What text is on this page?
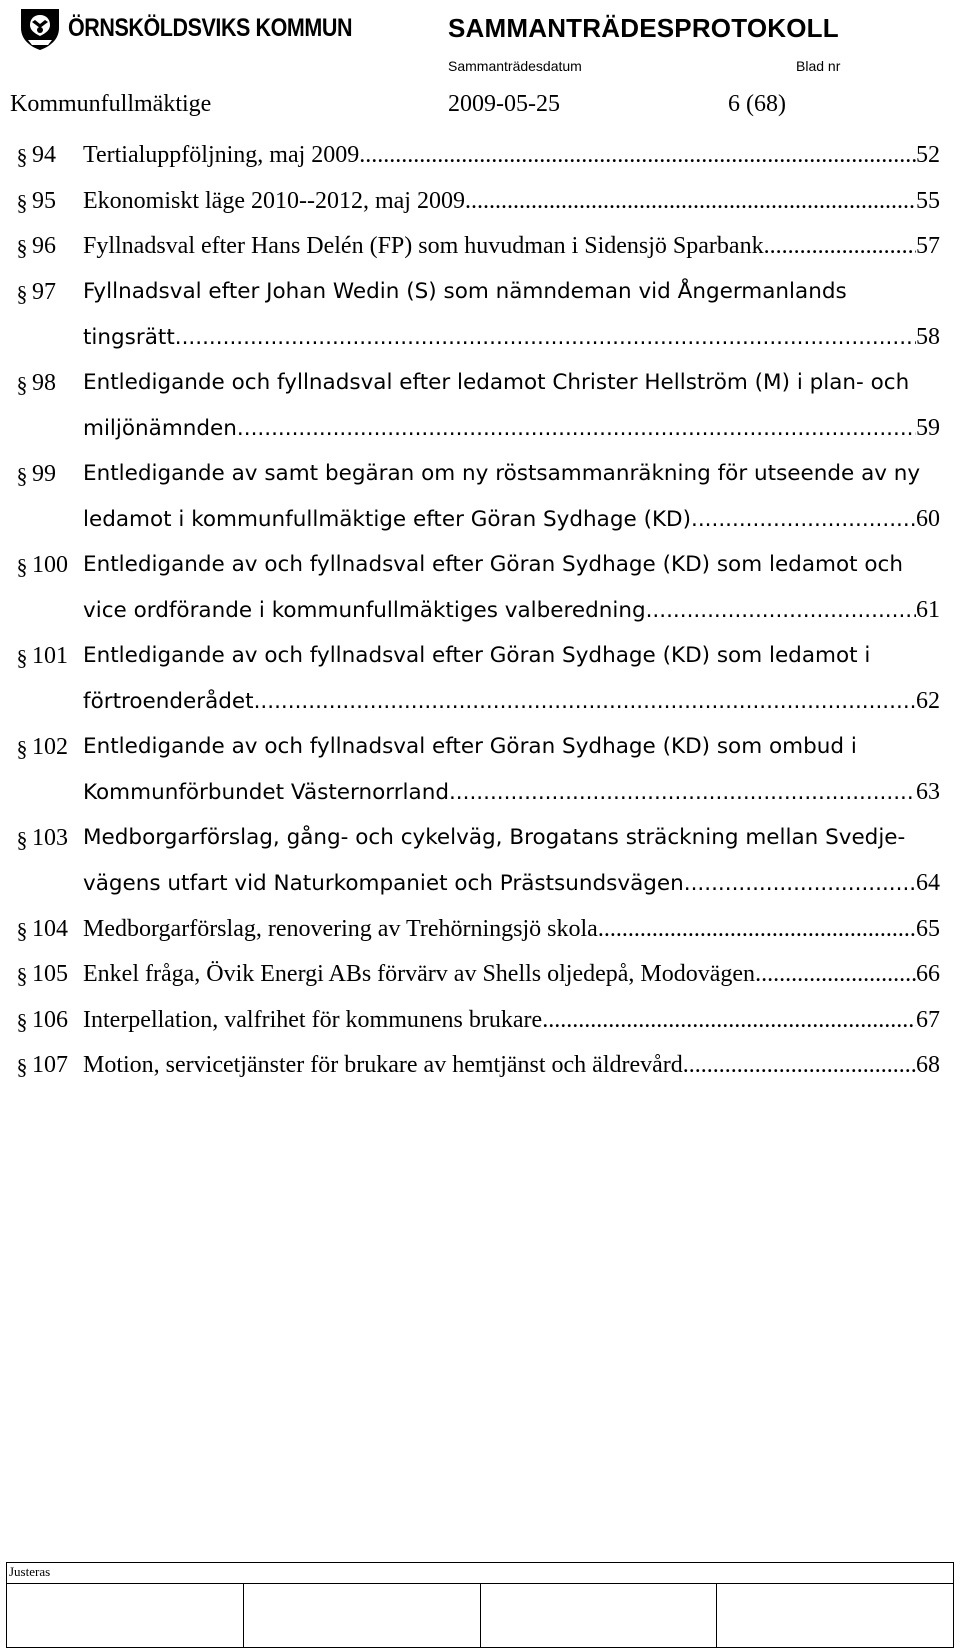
ÖRNSKÖLDSVIKS KOMMUN	SAMMANTRÄDESPROTOKOLL
Sammanträdesdatum	Blad nr
Kommunfullmäktige	2009-05-25	6 (68)
§ 94 Tertialuppföljning, maj 2009 .....	52
§ 95 Ekonomiskt läge 2010--2012, maj 2009 .....	55
§ 96 Fyllnadsval efter Hans Delén (FP) som huvudman i Sidensjö Sparbank .....	57
§ 97 Fyllnadsval efter Johan Wedin (S) som nämndeman vid Ångermanlands
tingsrätt .....	58
§ 98 Entledigande och fyllnadsval efter ledamot Christer Hellström (M) i plan- och
miljönämnden .....	59
§ 99 Entledigande av samt begäran om ny röstsammanräkning för utseende av ny
ledamot i kommunfullmäktige efter Göran Sydhage (KD) .....	60
§ 100 Entledigande av och fyllnadsval efter Göran Sydhage (KD) som ledamot och
vice ordförande i kommunfullmäktiges valberedning .....	61
§ 101 Entledigande av och fyllnadsval efter Göran Sydhage (KD) som ledamot i
förtroenderådet .....	62
§ 102 Entledigande av och fyllnadsval efter Göran Sydhage (KD) som ombud i
Kommunförbundet Västernorrland .....	63
§ 103 Medborgarförslag, gång- och cykelväg, Brogatans sträckning mellan Svedje-
vägens utfart vid Naturkompaniet och Prästsundsvägen .....	64
§ 104 Medborgarförslag, renovering av Trehörningsjö skola .....	65
§ 105 Enkel fråga, Övik Energi ABs förvärv av Shells oljedepå, Modovägen .....	66
§ 106 Interpellation, valfrihet för kommunens brukare .....	67
§ 107 Motion, servicetjänster för brukare av hemtjänst och äldrevård .....	68
Justeras
